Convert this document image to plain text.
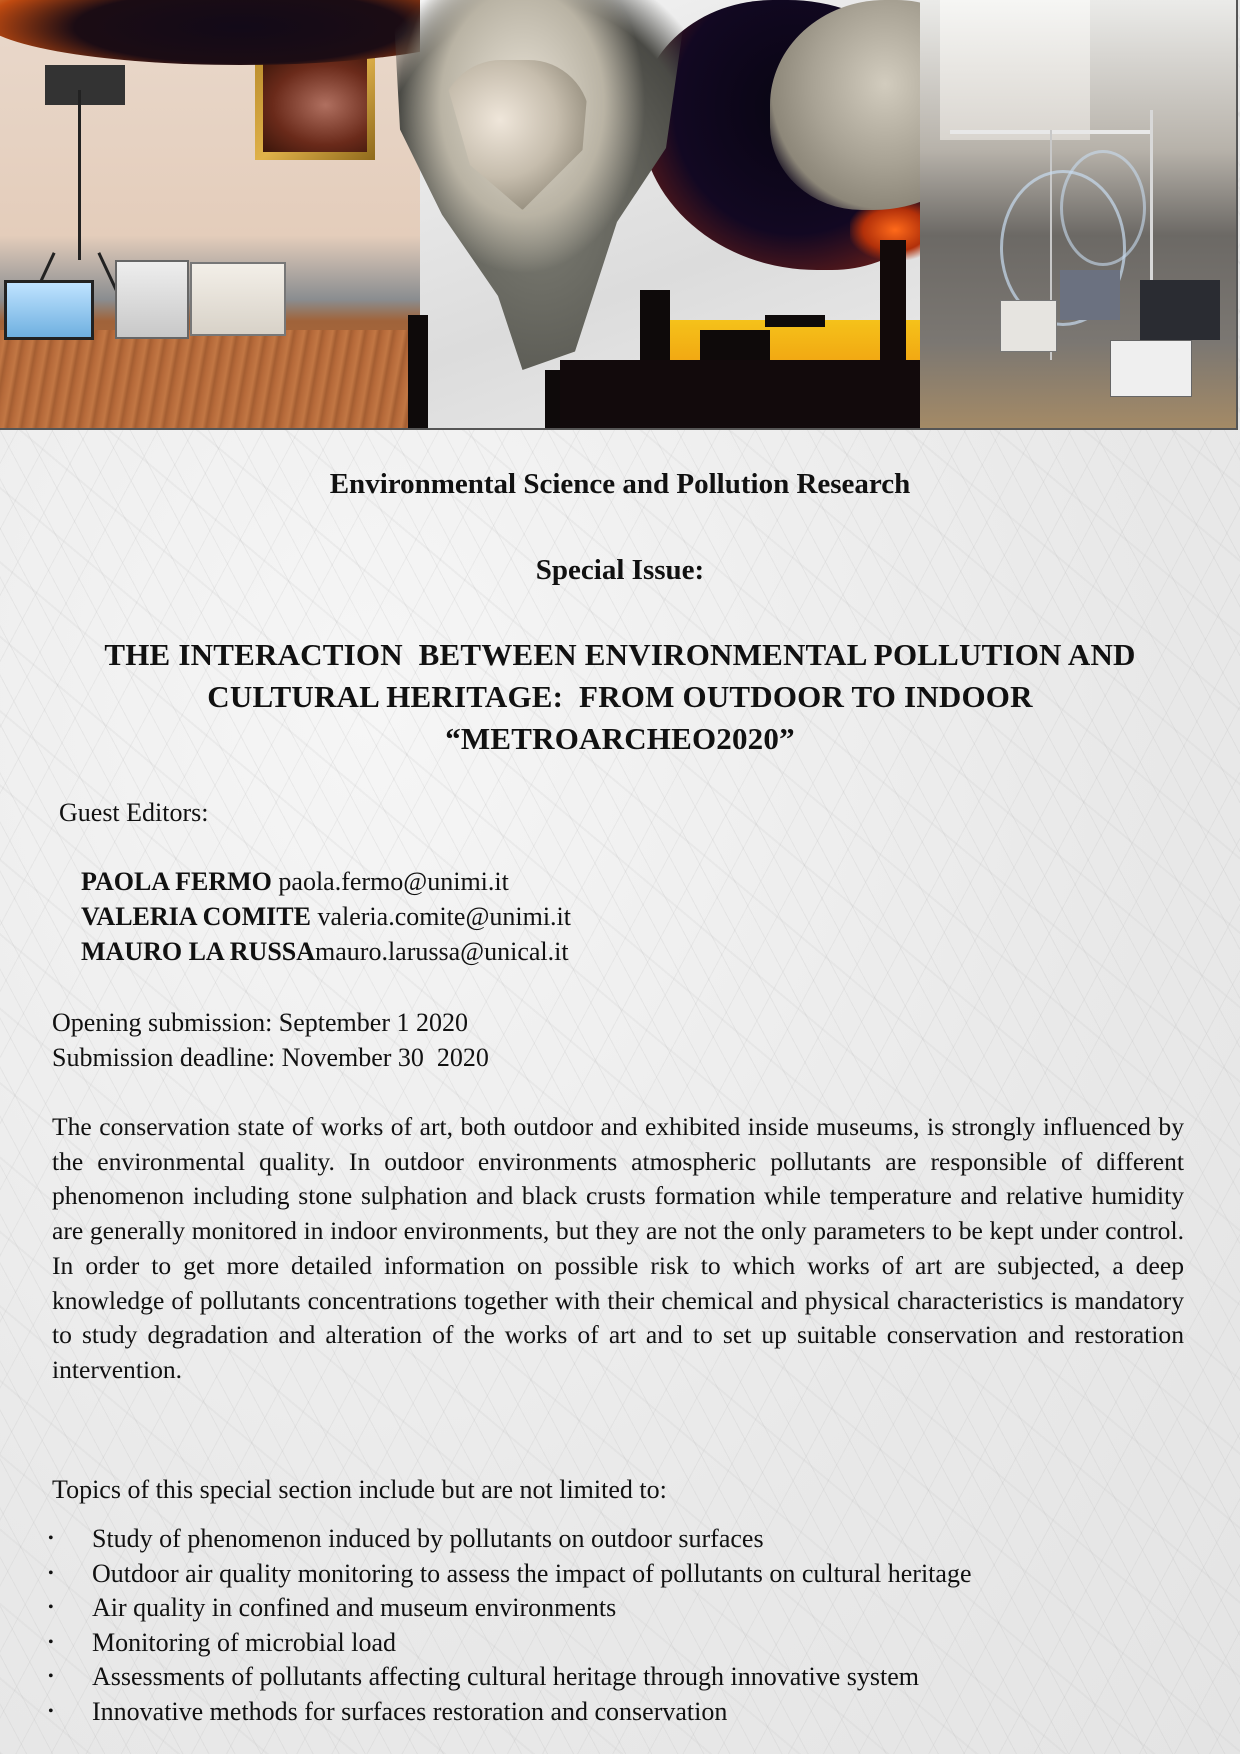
Environmental Science and Pollution Research
Special Issue:
THE INTERACTION  BETWEEN ENVIRONMENTAL POLLUTION AND
CULTURAL HERITAGE:  FROM OUTDOOR TO INDOOR
“METROARCHEO2020”
Guest Editors:
PAOLA FERMO paola.fermo@unimi.it
VALERIA COMITE valeria.comite@unimi.it
MAURO LA RUSSAmauro.larussa@unical.it
Opening submission: September 1 2020
Submission deadline: November 30  2020

The conservation state of works of art, both outdoor and exhibited inside museums, is strongly influenced by the environmental quality. In outdoor environments atmospheric pollutants are responsible of different phenomenon including stone sulphation and black crusts formation while temperature and relative humidity are generally monitored in indoor environments, but they are not the only parameters to be kept under control. In order to get more detailed information on possible risk to which works of art are subjected, a deep knowledge of pollutants concentrations together with their chemical and physical characteristics is mandatory to study degradation and alteration of the works of art and to set up suitable conservation and restoration intervention.

Topics of this special section include but are not limited to:
• Study of phenomenon induced by pollutants on outdoor surfaces
• Outdoor air quality monitoring to assess the impact of pollutants on cultural heritage
• Air quality in confined and museum environments
• Monitoring of microbial load
• Assessments of pollutants affecting cultural heritage through innovative system
• Innovative methods for surfaces restoration and conservation
